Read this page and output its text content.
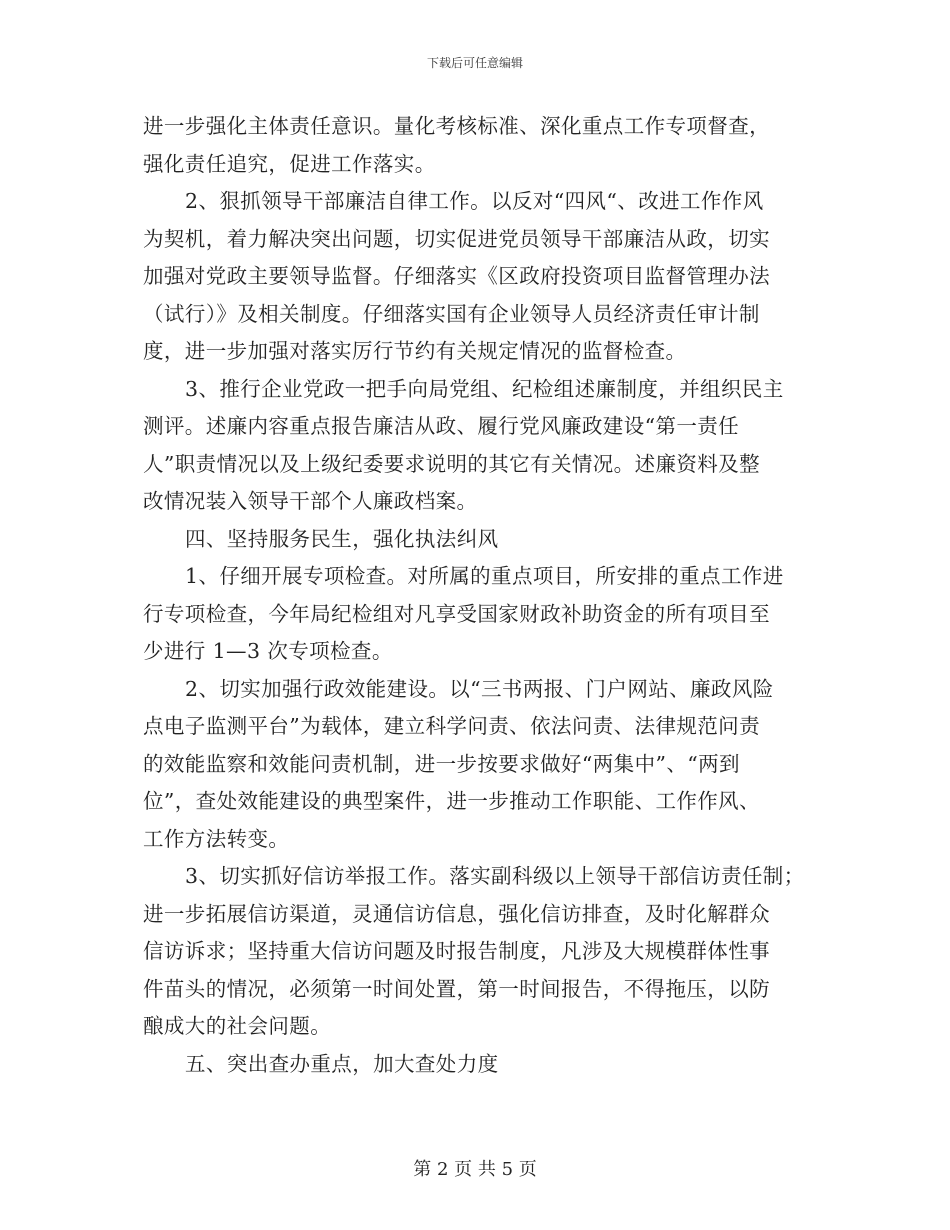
下载后可任意编辑
进一步强化主体责任意识。量化考核标准、深化重点工作专项督查，
强化责任追究，促进工作落实。
2、狠抓领导干部廉洁自律工作。以反对“四风“、改进工作作风
为契机，着力解决突出问题，切实促进党员领导干部廉洁从政，切实
加强对党政主要领导监督。仔细落实《区政府投资项目监督管理办法
（试行）》及相关制度。仔细落实国有企业领导人员经济责任审计制
度，进一步加强对落实厉行节约有关规定情况的监督检查。
3、推行企业党政一把手向局党组、纪检组述廉制度，并组织民主
测评。述廉内容重点报告廉洁从政、履行党风廉政建设“第一责任
人”职责情况以及上级纪委要求说明的其它有关情况。述廉资料及整
改情况装入领导干部个人廉政档案。
四、坚持服务民生，强化执法纠风
1、仔细开展专项检查。对所属的重点项目，所安排的重点工作进
行专项检查，今年局纪检组对凡享受国家财政补助资金的所有项目至
少进行 1—3 次专项检查。
2、切实加强行政效能建设。以“三书两报、门户网站、廉政风险
点电子监测平台”为载体，建立科学问责、依法问责、法律规范问责
的效能监察和效能问责机制，进一步按要求做好“两集中”、“两到
位”，查处效能建设的典型案件，进一步推动工作职能、工作作风、
工作方法转变。
3、切实抓好信访举报工作。落实副科级以上领导干部信访责任制；
进一步拓展信访渠道，灵通信访信息，强化信访排查，及时化解群众
信访诉求；坚持重大信访问题及时报告制度，凡涉及大规模群体性事
件苗头的情况，必须第一时间处置，第一时间报告，不得拖压，以防
酿成大的社会问题。
五、突出查办重点，加大查处力度
第 2 页 共 5 页
